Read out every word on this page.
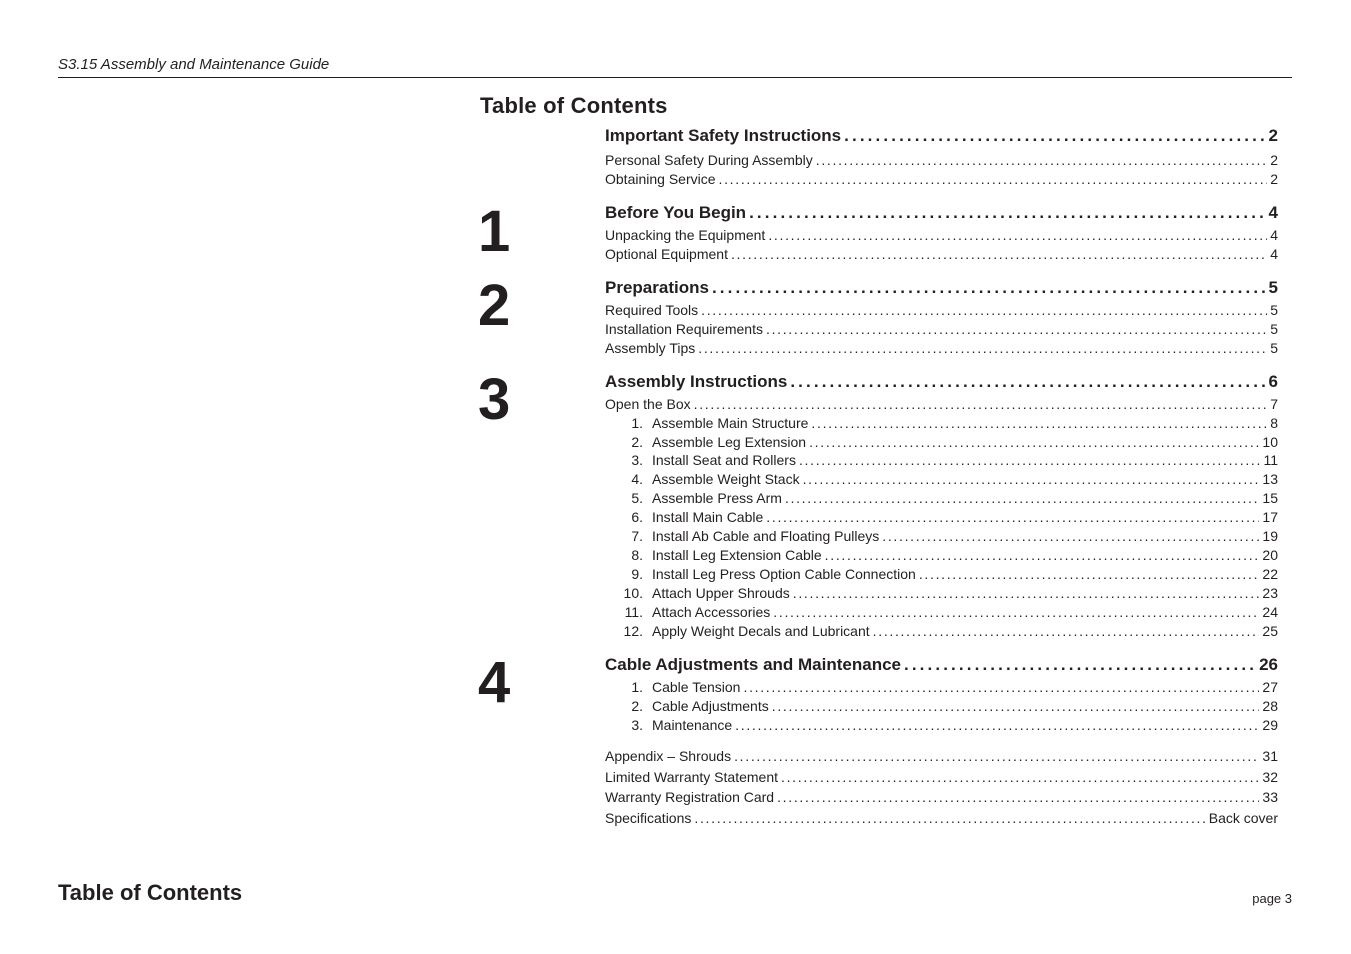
S3.15 Assembly and Maintenance Guide
Table of Contents
1
2
3
4
Important Safety Instructions . . .	2
Personal Safety During Assembly . . .	2
Obtaining Service . . .	2
Before You Begin . . .	4
Unpacking the Equipment . . .	4
Optional Equipment . . .	4
Preparations . . .	5
Required Tools . . .	5
Installation Requirements . . .	5
Assembly Tips . . .	5
Assembly Instructions . . .	6
Open the Box . . .	7
1. Assemble Main Structure . . .	8
2. Assemble Leg Extension . . .	10
3. Install Seat and Rollers . . .	11
4. Assemble Weight Stack . . .	13
5. Assemble Press Arm . . .	15
6. Install Main Cable . . .	17
7. Install Ab Cable and Floating Pulleys . . .	19
8. Install Leg Extension Cable . . .	20
9. Install Leg Press Option Cable Connection . . .	22
10. Attach Upper Shrouds . . .	23
11. Attach Accessories . . .	24
12. Apply Weight Decals and Lubricant . . .	25
Cable Adjustments and Maintenance . . .	26
1. Cable Tension . . .	27
2. Cable Adjustments . . .	28
3. Maintenance . . .	29
Appendix – Shrouds . . .	31
Limited Warranty Statement . . .	32
Warranty Registration Card . . .	33
Specifications . . .	Back cover
Table of Contents	page 3
